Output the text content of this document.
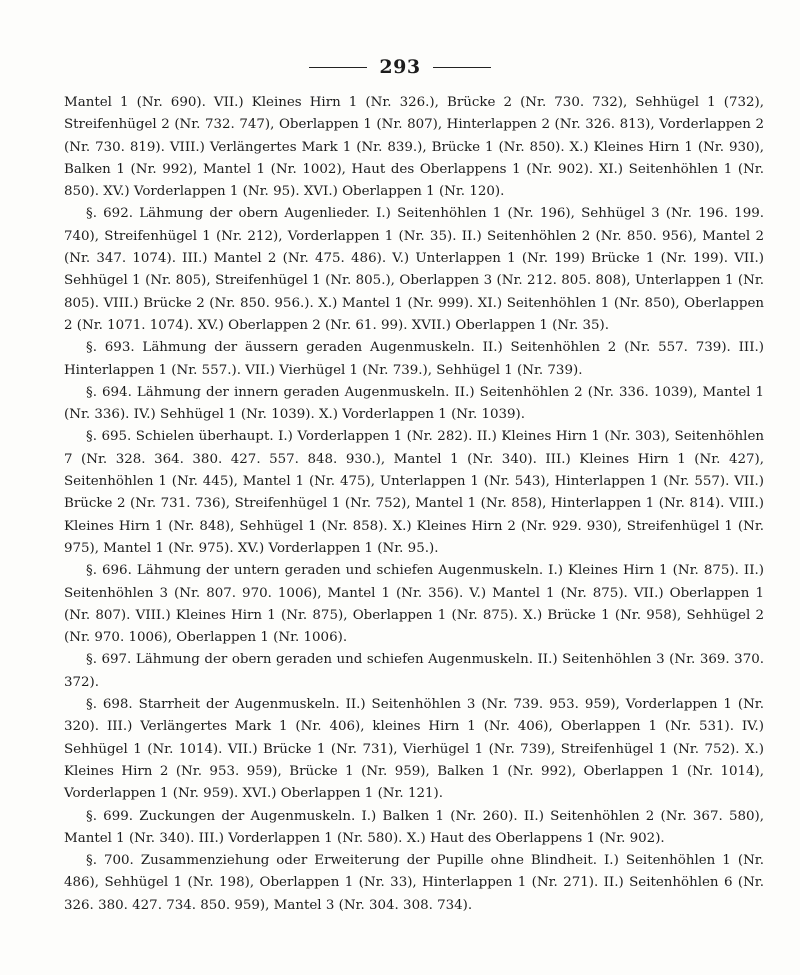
293

Mantel 1 (Nr. 690). VII.) Kleines Hirn 1 (Nr. 326.), Brücke 2 (Nr. 730. 732), Sehhügel 1 (732), Streifenhügel 2 (Nr. 732. 747), Oberlappen 1 (Nr. 807), Hinterlappen 2 (Nr. 326. 813), Vorderlappen 2 (Nr. 730. 819). VIII.) Verlängertes Mark 1 (Nr. 839.), Brücke 1 (Nr. 850). X.) Kleines Hirn 1 (Nr. 930), Balken 1 (Nr. 992), Mantel 1 (Nr. 1002), Haut des Oberlappens 1 (Nr. 902). XI.) Seitenhöhlen 1 (Nr. 850). XV.) Vorderlappen 1 (Nr. 95). XVI.) Oberlappen 1 (Nr. 120).

§. 692. Lähmung der obern Augenlieder. I.) Seitenhöhlen 1 (Nr. 196), Sehhügel 3 (Nr. 196. 199. 740), Streifenhügel 1 (Nr. 212), Vorderlappen 1 (Nr. 35). II.) Seitenhöhlen 2 (Nr. 850. 956), Mantel 2 (Nr. 347. 1074). III.) Mantel 2 (Nr. 475. 486). V.) Unterlappen 1 (Nr. 199) Brücke 1 (Nr. 199). VII.) Sehhügel 1 (Nr. 805), Streifenhügel 1 (Nr. 805.), Oberlappen 3 (Nr. 212. 805. 808), Unterlappen 1 (Nr. 805). VIII.) Brücke 2 (Nr. 850. 956.). X.) Mantel 1 (Nr. 999). XI.) Seitenhöhlen 1 (Nr. 850), Oberlappen 2 (Nr. 1071. 1074). XV.) Oberlappen 2 (Nr. 61. 99). XVII.) Oberlappen 1 (Nr. 35).

§. 693. Lähmung der äussern geraden Augenmuskeln. II.) Seitenhöhlen 2 (Nr. 557. 739). III.) Hinterlappen 1 (Nr. 557.). VII.) Vierhügel 1 (Nr. 739.), Sehhügel 1 (Nr. 739).

§. 694. Lähmung der innern geraden Augenmuskeln. II.) Seitenhöhlen 2 (Nr. 336. 1039), Mantel 1 (Nr. 336). IV.) Sehhügel 1 (Nr. 1039). X.) Vorderlappen 1 (Nr. 1039).

§. 695. Schielen überhaupt. I.) Vorderlappen 1 (Nr. 282). II.) Kleines Hirn 1 (Nr. 303), Seitenhöhlen 7 (Nr. 328. 364. 380. 427. 557. 848. 930.), Mantel 1 (Nr. 340). III.) Kleines Hirn 1 (Nr. 427), Seitenhöhlen 1 (Nr. 445), Mantel 1 (Nr. 475), Unterlappen 1 (Nr. 543), Hinterlappen 1 (Nr. 557). VII.) Brücke 2 (Nr. 731. 736), Streifenhügel 1 (Nr. 752), Mantel 1 (Nr. 858), Hinterlappen 1 (Nr. 814). VIII.) Kleines Hirn 1 (Nr. 848), Sehhügel 1 (Nr. 858). X.) Kleines Hirn 2 (Nr. 929. 930), Streifenhügel 1 (Nr. 975), Mantel 1 (Nr. 975). XV.) Vorderlappen 1 (Nr. 95.).

§. 696. Lähmung der untern geraden und schiefen Augenmuskeln. I.) Kleines Hirn 1 (Nr. 875). II.) Seitenhöhlen 3 (Nr. 807. 970. 1006), Mantel 1 (Nr. 356). V.) Mantel 1 (Nr. 875). VII.) Oberlappen 1 (Nr. 807). VIII.) Kleines Hirn 1 (Nr. 875), Oberlappen 1 (Nr. 875). X.) Brücke 1 (Nr. 958), Sehhügel 2 (Nr. 970. 1006), Oberlappen 1 (Nr. 1006).

§. 697. Lähmung der obern geraden und schiefen Augenmuskeln. II.) Seitenhöhlen 3 (Nr. 369. 370. 372).

§. 698. Starrheit der Augenmuskeln. II.) Seitenhöhlen 3 (Nr. 739. 953. 959), Vorderlappen 1 (Nr. 320). III.) Verlängertes Mark 1 (Nr. 406), kleines Hirn 1 (Nr. 406), Oberlappen 1 (Nr. 531). IV.) Sehhügel 1 (Nr. 1014). VII.) Brücke 1 (Nr. 731), Vierhügel 1 (Nr. 739), Streifenhügel 1 (Nr. 752). X.) Kleines Hirn 2 (Nr. 953. 959), Brücke 1 (Nr. 959), Balken 1 (Nr. 992), Oberlappen 1 (Nr. 1014), Vorderlappen 1 (Nr. 959). XVI.) Oberlappen 1 (Nr. 121).

§. 699. Zuckungen der Augenmuskeln. I.) Balken 1 (Nr. 260). II.) Seitenhöhlen 2 (Nr. 367. 580), Mantel 1 (Nr. 340). III.) Vorderlappen 1 (Nr. 580). X.) Haut des Oberlappens 1 (Nr. 902).

§. 700. Zusammenziehung oder Erweiterung der Pupille ohne Blindheit. I.) Seitenhöhlen 1 (Nr. 486), Sehhügel 1 (Nr. 198), Oberlappen 1 (Nr. 33), Hinterlappen 1 (Nr. 271). II.) Seitenhöhlen 6 (Nr. 326. 380. 427. 734. 850. 959), Mantel 3 (Nr. 304. 308. 734).
